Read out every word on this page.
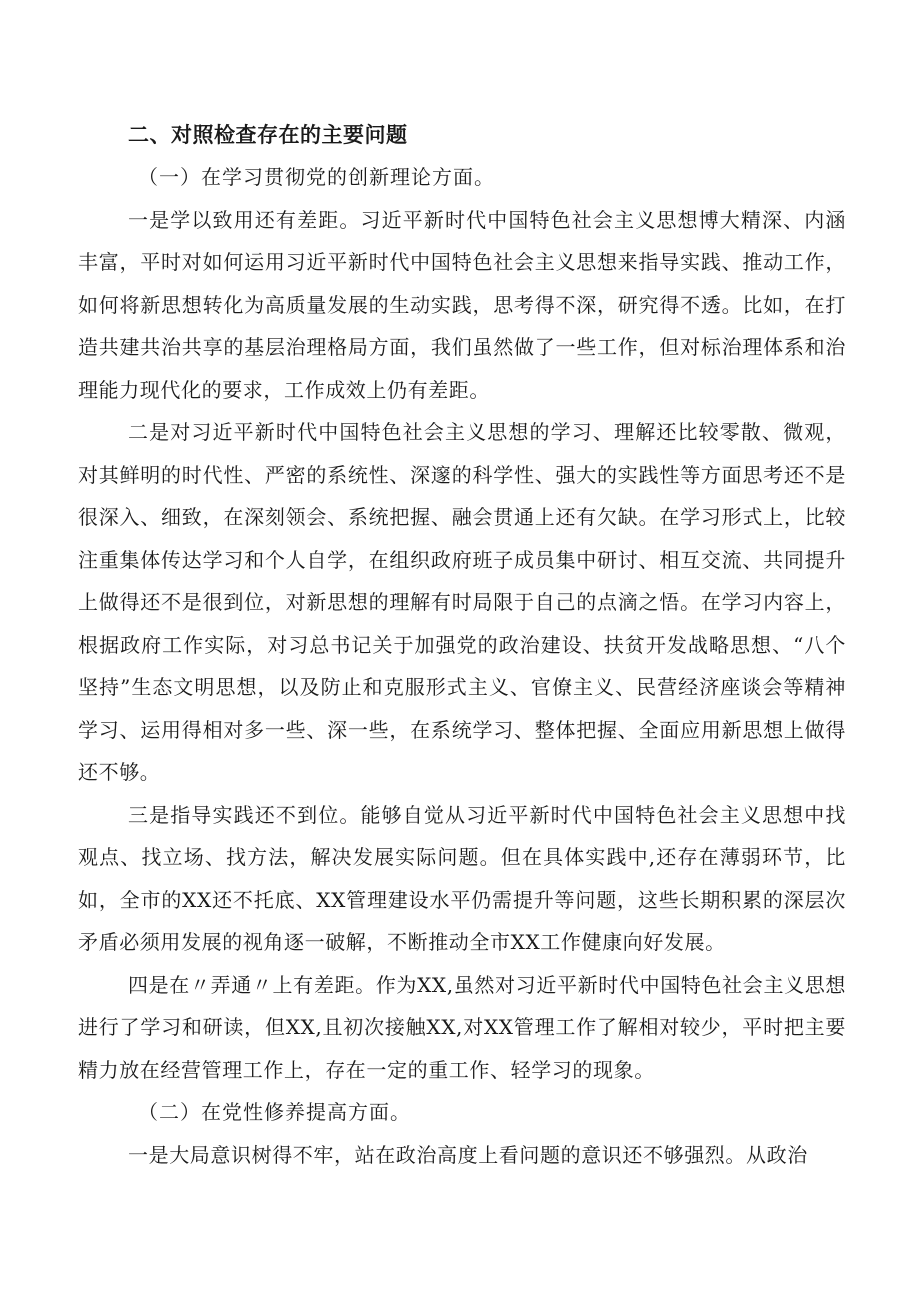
二、对照检查存在的主要问题

（一）在学习贯彻党的创新理论方面。

一是学以致用还有差距。习近平新时代中国特色社会主义思想博大精深、内涵丰富，平时对如何运用习近平新时代中国特色社会主义思想来指导实践、推动工作，如何将新思想转化为高质量发展的生动实践，思考得不深，研究得不透。比如，在打造共建共治共享的基层治理格局方面，我们虽然做了一些工作，但对标治理体系和治理能力现代化的要求，工作成效上仍有差距。

二是对习近平新时代中国特色社会主义思想的学习、理解还比较零散、微观，对其鲜明的时代性、严密的系统性、深邃的科学性、强大的实践性等方面思考还不是很深入、细致，在深刻领会、系统把握、融会贯通上还有欠缺。在学习形式上，比较注重集体传达学习和个人自学，在组织政府班子成员集中研讨、相互交流、共同提升上做得还不是很到位，对新思想的理解有时局限于自己的点滴之悟。在学习内容上，根据政府工作实际，对习总书记关于加强党的政治建设、扶贫开发战略思想、“八个坚持”生态文明思想，以及防止和克服形式主义、官僚主义、民营经济座谈会等精神学习、运用得相对多一些、深一些，在系统学习、整体把握、全面应用新思想上做得还不够。

三是指导实践还不到位。能够自觉从习近平新时代中国特色社会主义思想中找观点、找立场、找方法，解决发展实际问题。但在具体实践中,还存在薄弱环节，比如，全市的XX还不托底、XX管理建设水平仍需提升等问题，这些长期积累的深层次矛盾必须用发展的视角逐一破解，不断推动全市XX工作健康向好发展。

四是在〃弄通〃上有差距。作为XX,虽然对习近平新时代中国特色社会主义思想进行了学习和研读，但XX,且初次接触XX,对XX管理工作了解相对较少，平时把主要精力放在经营管理工作上，存在一定的重工作、轻学习的现象。

（二）在党性修养提高方面。

一是大局意识树得不牢，站在政治高度上看问题的意识还不够强烈。从政治
